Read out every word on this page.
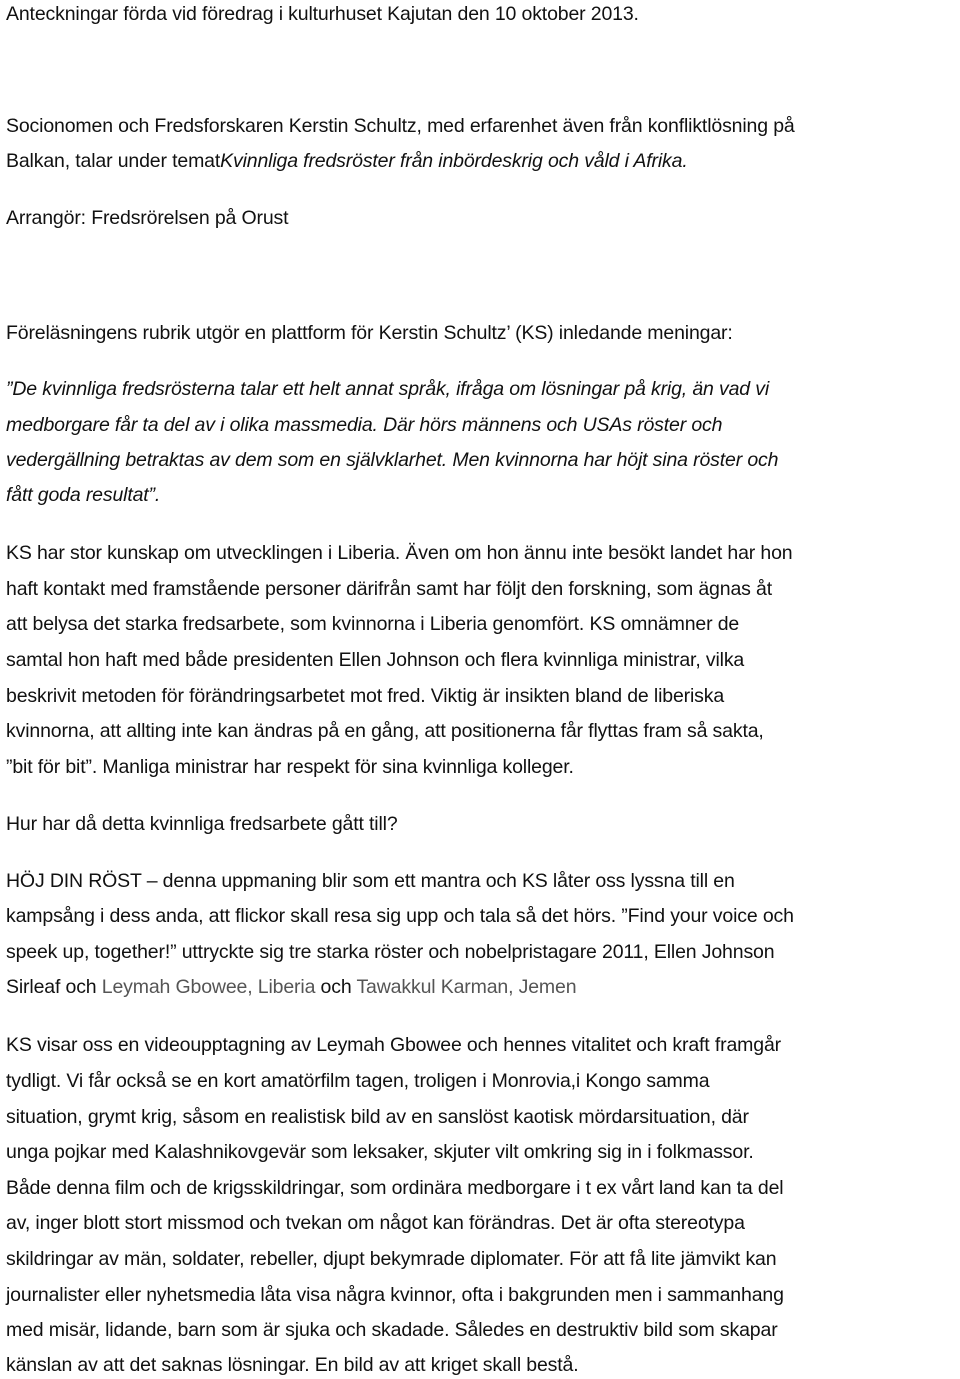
Anteckningar förda vid föredrag i kulturhuset Kajutan den 10 oktober 2013.

Socionomen och Fredsforskaren Kerstin Schultz, med erfarenhet även från konfliktlösning på

Balkan, talar under tematKvinnliga fredsröster från inbördeskrig och våld i Afrika.

Arrangör: Fredsrörelsen på Orust

Föreläsningens rubrik utgör en plattform för Kerstin Schultz’ (KS) inledande meningar:

”De kvinnliga fredsrösterna talar ett helt annat språk, ifråga om lösningar på krig, än vad vi

medborgare får ta del av i olika massmedia. Där hörs männens och USAs röster och

vedergällning betraktas av dem som en självklarhet. Men kvinnorna har höjt sina röster och

fått goda resultat”.

KS har stor kunskap om utvecklingen i Liberia. Även om hon ännu inte besökt landet har hon

haft kontakt med framstående personer därifrån samt har följt den forskning, som ägnas åt

att belysa det starka fredsarbete, som kvinnorna i Liberia genomfört. KS omnämner de

samtal hon haft med både presidenten Ellen Johnson och flera kvinnliga ministrar, vilka

beskrivit metoden för förändringsarbetet mot fred. Viktig är insikten bland de liberiska

kvinnorna, att allting inte kan ändras på en gång, att positionerna får flyttas fram så sakta,

”bit för bit”. Manliga ministrar har respekt för sina kvinnliga kolleger.

Hur har då detta kvinnliga fredsarbete gått till?

HÖJ DIN RÖST – denna uppmaning blir som ett mantra och KS låter oss lyssna till en

kampsång i dess anda, att flickor skall resa sig upp och tala så det hörs. ”Find your voice och

speek up, together!” uttryckte sig tre starka röster och nobelpristagare 2011, Ellen Johnson

Sirleaf och Leymah Gbowee, Liberia och Tawakkul Karman, Jemen

KS visar oss en videoupptagning av Leymah Gbowee och hennes vitalitet och kraft framgår

tydligt. Vi får också se en kort amatörfilm tagen, troligen i Monrovia,i Kongo samma

situation, grymt krig, såsom en realistisk bild av en sanslöst kaotisk mördarsituation, där

unga pojkar med Kalashnikovgevär som leksaker, skjuter vilt omkring sig in i folkmassor.

Både denna film och de krigsskildringar, som ordinära medborgare i t ex vårt land kan ta del

av, inger blott stort missmod och tvekan om något kan förändras. Det är ofta stereotypa

skildringar av män, soldater, rebeller, djupt bekymrade diplomater. För att få lite jämvikt kan

journalister eller nyhetsmedia låta visa några kvinnor, ofta i bakgrunden men i sammanhang

med misär, lidande, barn som är sjuka och skadade. Således en destruktiv bild som skapar

känslan av att det saknas lösningar. En bild av att kriget skall bestå.
